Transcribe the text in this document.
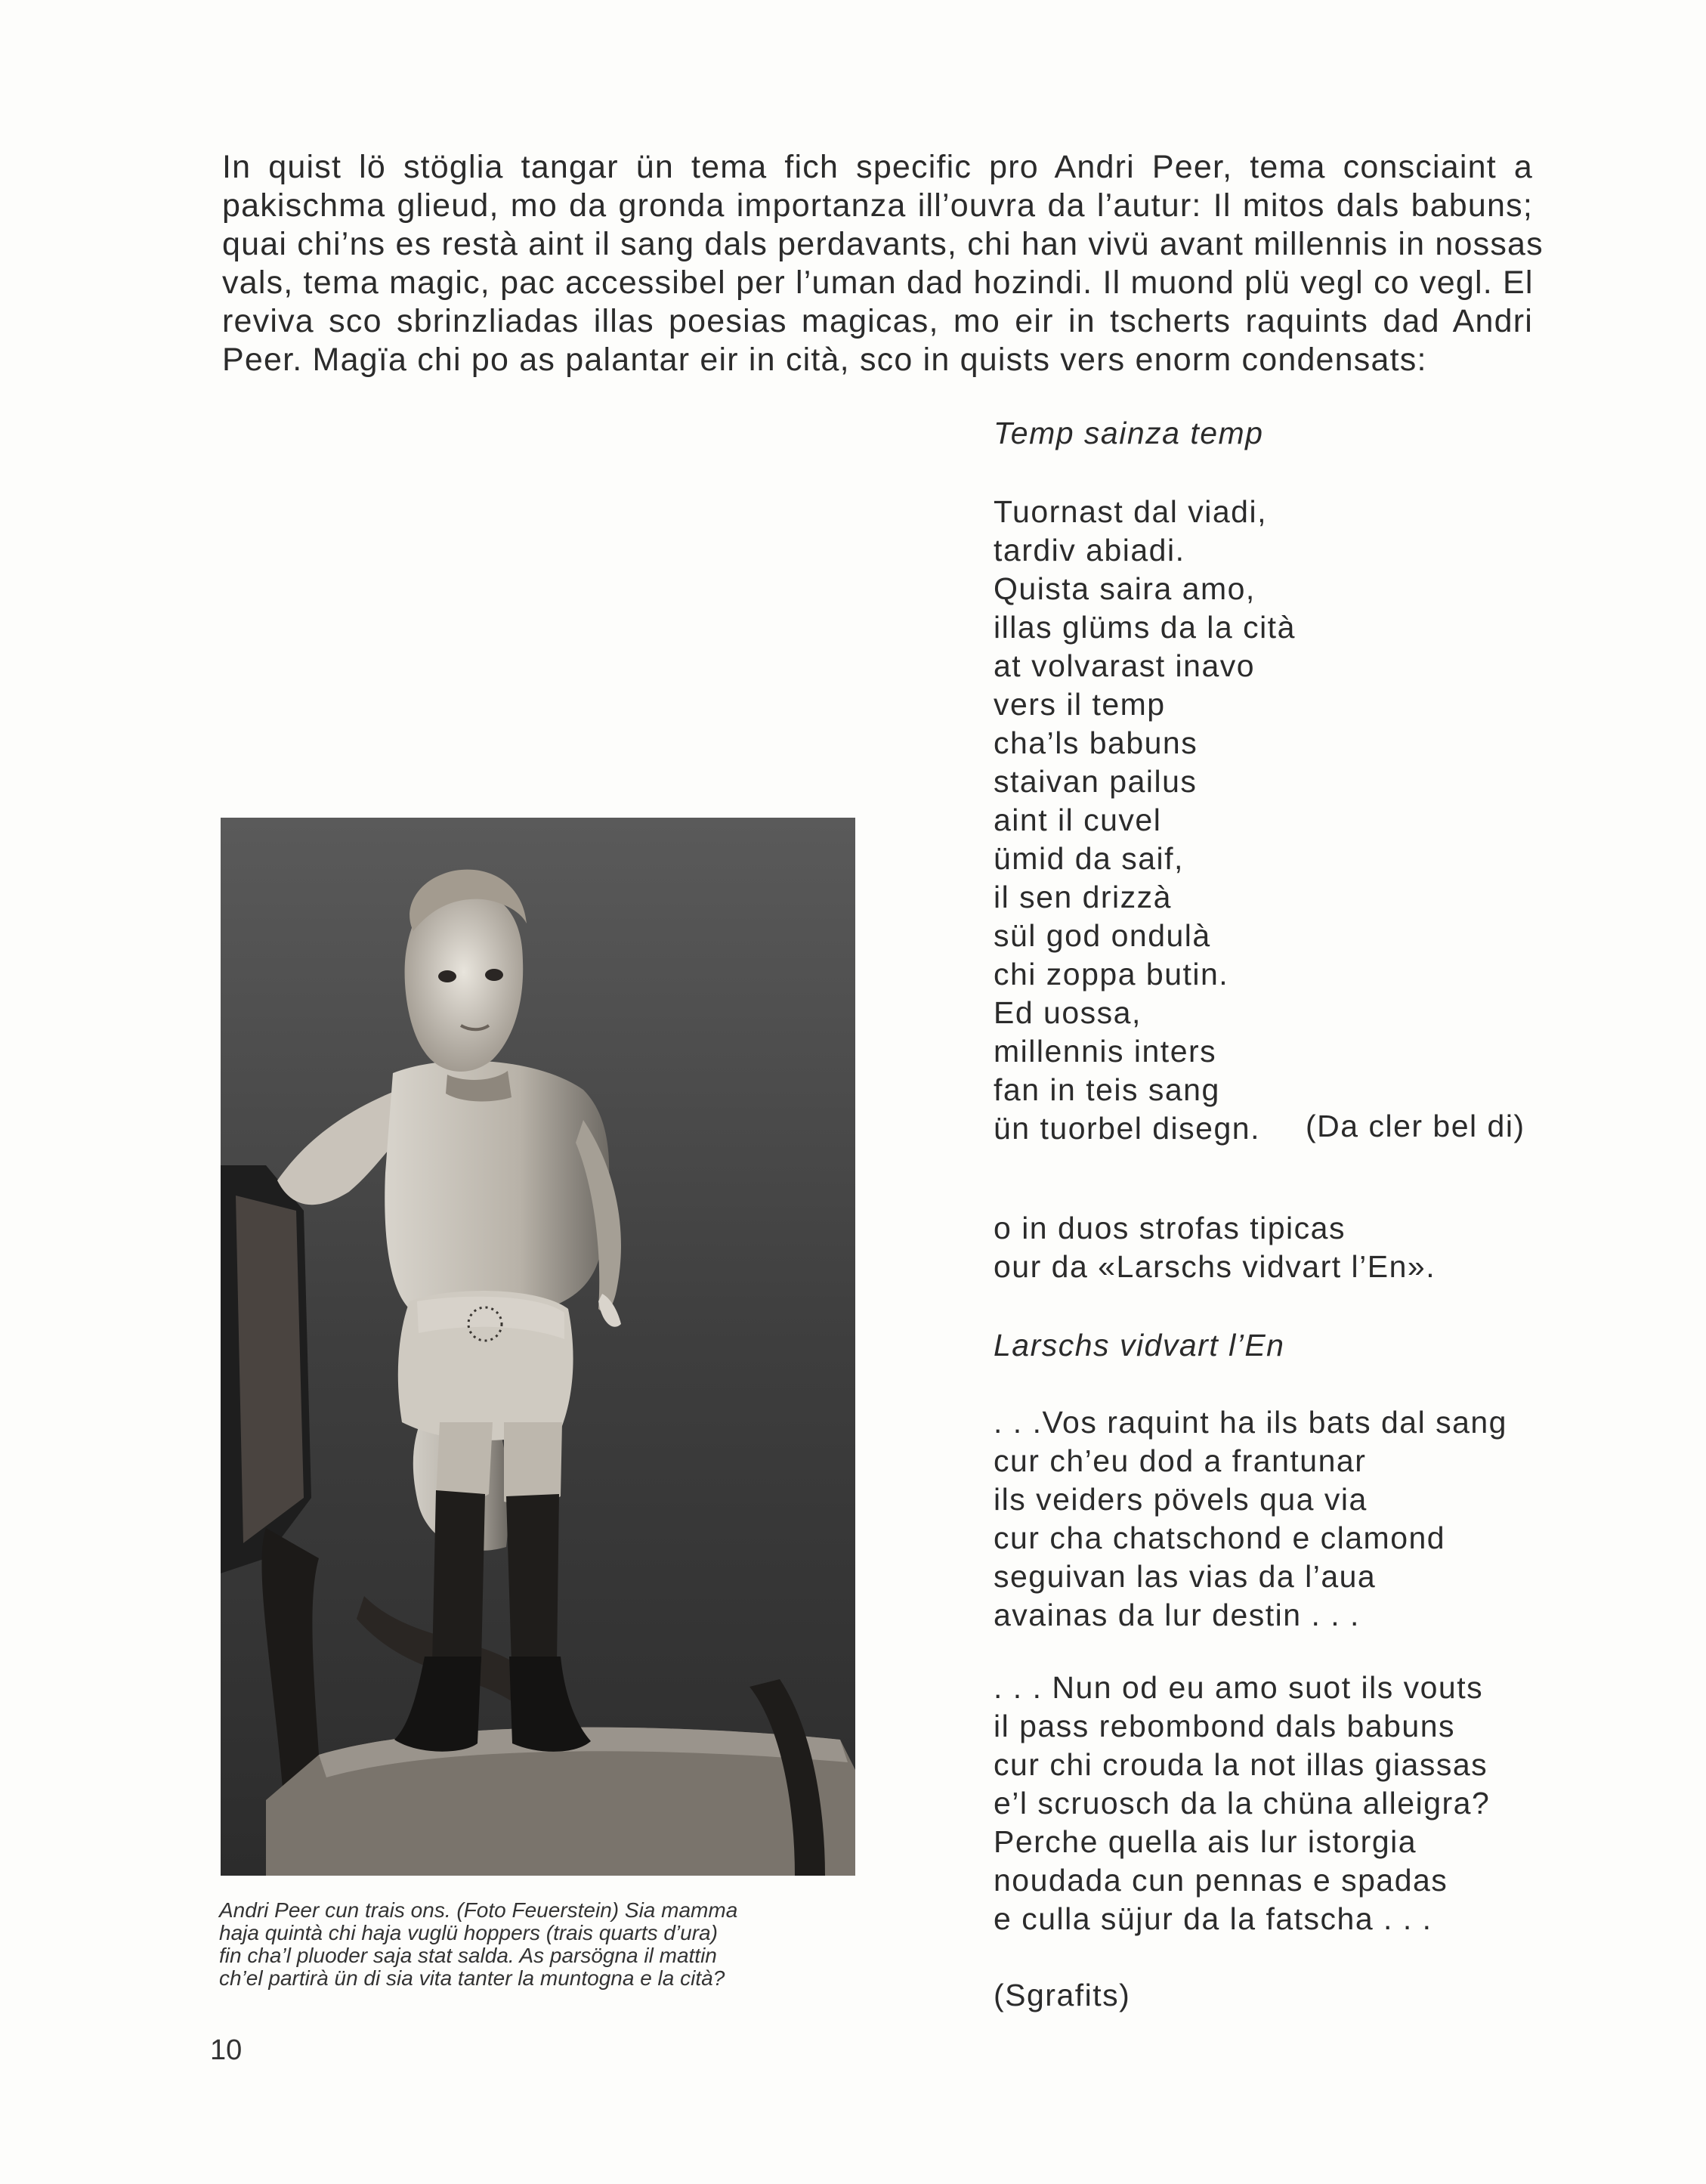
In quist lö stöglia tangar ün tema fich specific pro Andri Peer, tema consciaint a
pakischma glieud, mo da gronda importanza ill’ouvra da l’autur: Il mitos dals babuns;
quai chi’ns es restà aint il sang dals perdavants, chi han vivü avant millennis in nossas
vals, tema magic, pac accessibel per l’uman dad hozindi. Il muond plü vegl co vegl. El
reviva sco sbrinzliadas illas poesias magicas, mo eir in tscherts raquints dad Andri
Peer. Magïa chi po as palantar eir in cità, sco in quists vers enorm condensats:
Temp sainza temp
Tuornast dal viadi,
tardiv abiadi.
Quista saira amo,
illas glüms da la cità
at volvarast inavo
vers il temp
cha’ls babuns
staivan pailus
aint il cuvel
ümid da saif,
il sen drizzà
sül god ondulà
chi zoppa butin.
Ed uossa,
millennis inters
fan in teis sang
ün tuorbel disegn.	(Da cler bel di)
o in duos strofas tipicas
our da «Larschs vidvart l’En».
Larschs vidvart l’En
. . .Vos raquint ha ils bats dal sang
cur ch’eu dod a frantunar
ils veiders pövels qua via
cur cha chatschond e clamond
seguivan las vias da l’aua
avainas da lur destin . . .
. . . Nun od eu amo suot ils vouts
il pass rebombond dals babuns
cur chi crouda la not illas giassas
e’l scruosch da la chüna alleigra?
Perche quella ais lur istorgia
noudada cun pennas e spadas
e culla süjur da la fatscha . . .
(Sgrafits)
Andri Peer cun trais ons. (Foto Feuerstein) Sia mamma
haja quintà chi haja vuglü hoppers (trais quarts d’ura)
fin cha’l pluoder saja stat salda. As parsögna il mattin
ch’el partirà ün di sia vita tanter la muntogna e la cità?
10
